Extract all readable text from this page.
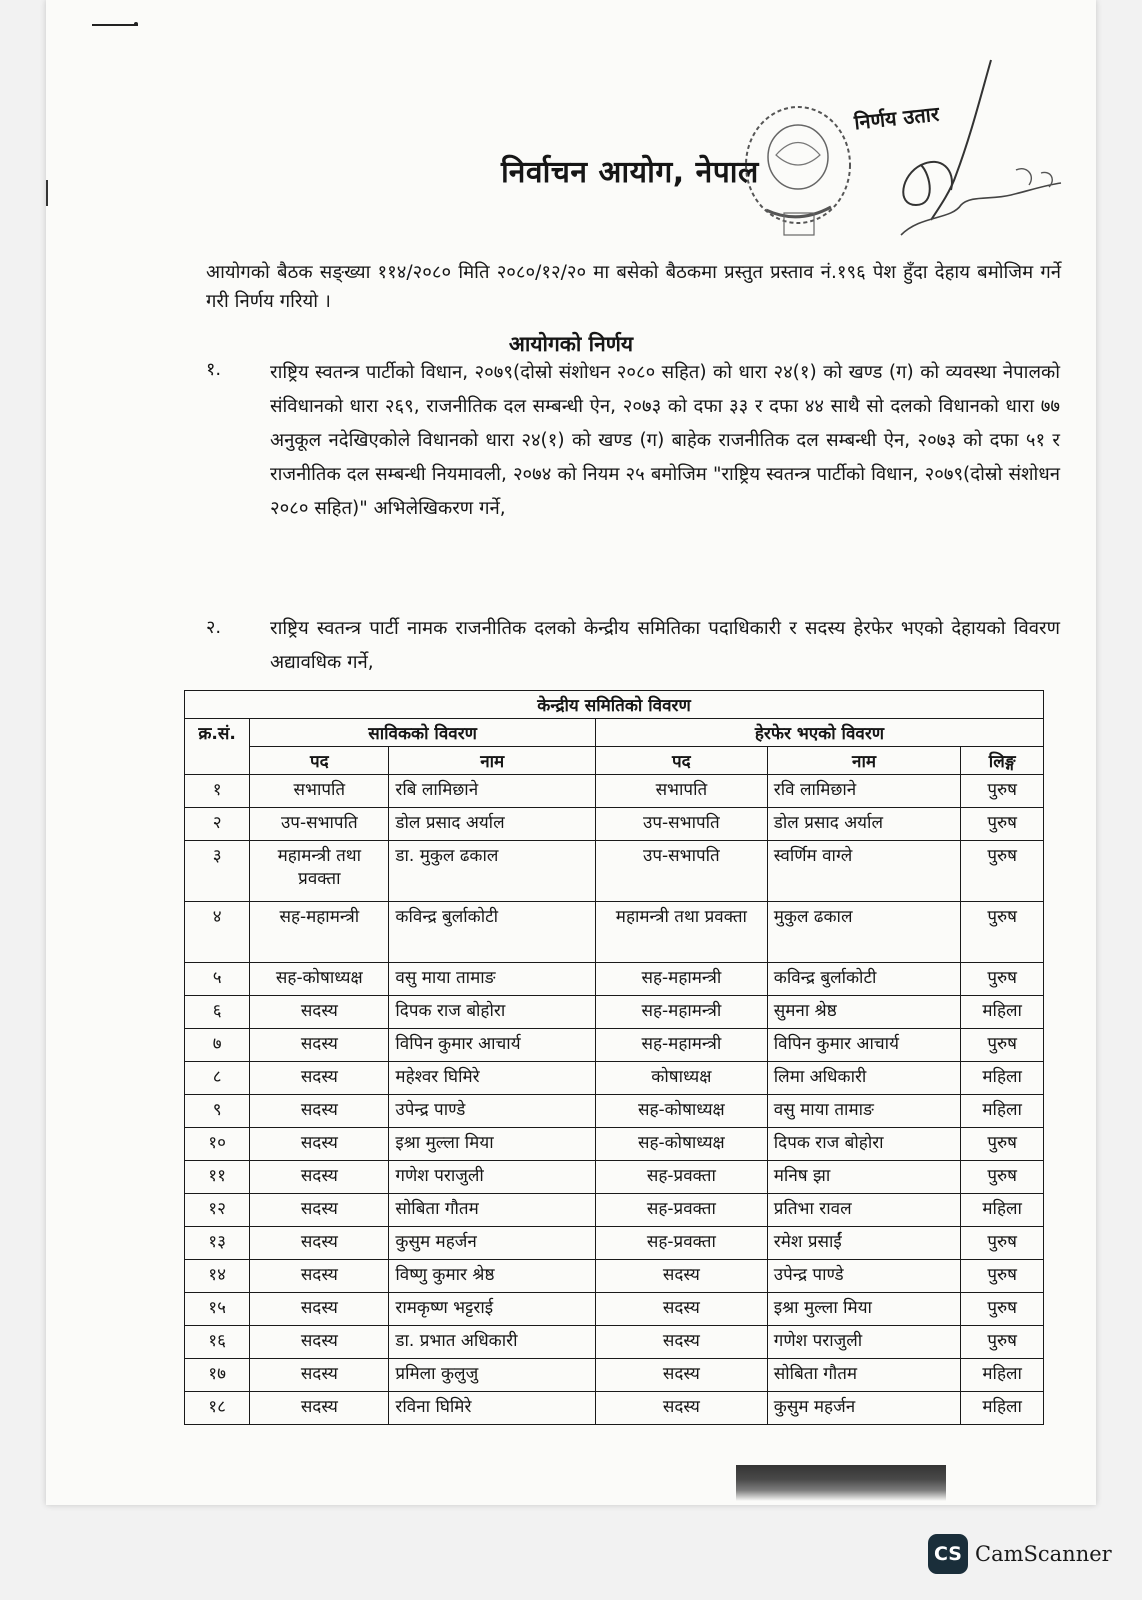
निर्वाचन आयोग, नेपाल
निर्णय उतार
आयोगको बैठक सङ्ख्या ११४/२०८० मिति २०८०/१२/२० मा बसेको बैठकमा प्रस्तुत प्रस्ताव नं.१९६ पेश हुँदा देहाय बमोजिम गर्ने गरी निर्णय गरियो ।
आयोगको निर्णय
१.	राष्ट्रिय स्वतन्त्र पार्टीको विधान, २०७९(दोस्रो संशोधन २०८० सहित) को धारा २४(१) को खण्ड (ग) को व्यवस्था नेपालको संविधानको धारा २६९, राजनीतिक दल सम्बन्धी ऐन, २०७३ को दफा ३३ र दफा ४४ साथै सो दलको विधानको धारा ७७ अनुकूल नदेखिएकोले विधानको धारा २४(१) को खण्ड (ग) बाहेक राजनीतिक दल सम्बन्धी ऐन, २०७३ को दफा ५१ र राजनीतिक दल सम्बन्धी नियमावली, २०७४ को नियम २५ बमोजिम "राष्ट्रिय स्वतन्त्र पार्टीको विधान, २०७९(दोस्रो संशोधन २०८० सहित)" अभिलेखिकरण गर्ने,
२.	राष्ट्रिय स्वतन्त्र पार्टी नामक राजनीतिक दलको केन्द्रीय समितिका पदाधिकारी र सदस्य हेरफेर भएको देहायको विवरण अद्यावधिक गर्ने,
केन्द्रीय समितिको विवरण					
क्र.सं.	साविकको विवरण		हेरफेर भएको विवरण		
	पद	नाम	पद	नाम	लिङ्ग
१	सभापति	रबि लामिछाने	सभापति	रवि लामिछाने	पुरुष
२	उप-सभापति	डोल प्रसाद अर्याल	उप-सभापति	डोल प्रसाद अर्याल	पुरुष
३	महामन्त्री तथा प्रवक्ता	डा. मुकुल ढकाल	उप-सभापति	स्वर्णिम वाग्ले	पुरुष
४	सह-महामन्त्री	कविन्द्र बुर्लाकोटी	महामन्त्री तथा प्रवक्ता	मुकुल ढकाल	पुरुष
५	सह-कोषाध्यक्ष	वसु माया तामाङ	सह-महामन्त्री	कविन्द्र बुर्लाकोटी	पुरुष
६	सदस्य	दिपक राज बोहोरा	सह-महामन्त्री	सुमना श्रेष्ठ	महिला
७	सदस्य	विपिन कुमार आचार्य	सह-महामन्त्री	विपिन कुमार आचार्य	पुरुष
८	सदस्य	महेश्वर घिमिरे	कोषाध्यक्ष	लिमा अधिकारी	महिला
९	सदस्य	उपेन्द्र पाण्डे	सह-कोषाध्यक्ष	वसु माया तामाङ	महिला
१०	सदस्य	इश्रा मुल्ला मिया	सह-कोषाध्यक्ष	दिपक राज बोहोरा	पुरुष
११	सदस्य	गणेश पराजुली	सह-प्रवक्ता	मनिष झा	पुरुष
१२	सदस्य	सोबिता गौतम	सह-प्रवक्ता	प्रतिभा रावल	महिला
१३	सदस्य	कुसुम महर्जन	सह-प्रवक्ता	रमेश प्रसाईं	पुरुष
१४	सदस्य	विष्णु कुमार श्रेष्ठ	सदस्य	उपेन्द्र पाण्डे	पुरुष
१५	सदस्य	रामकृष्ण भट्टराई	सदस्य	इश्रा मुल्ला मिया	पुरुष
१६	सदस्य	डा. प्रभात अधिकारी	सदस्य	गणेश पराजुली	पुरुष
१७	सदस्य	प्रमिला कुलुजु	सदस्य	सोबिता गौतम	महिला
१८	सदस्य	रविना घिमिरे	सदस्य	कुसुम महर्जन	महिला
CS CamScanner
